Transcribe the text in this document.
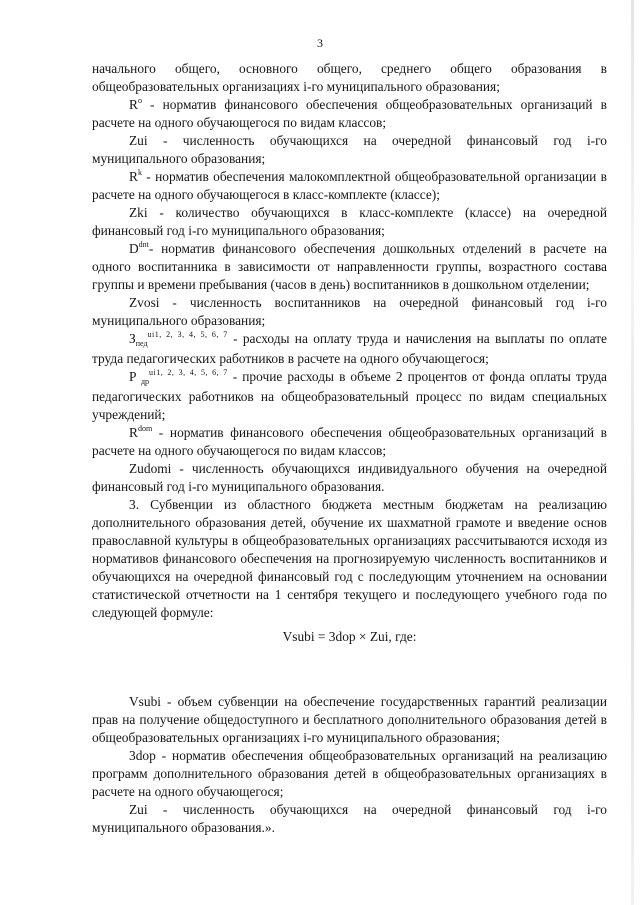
3

начального общего, основного общего, среднего общего образования в общеобразовательных организациях i-го муниципального образования;

$R^o$ - норматив финансового обеспечения общеобразовательных организаций в расчете на одного обучающегося по видам классов;

Zui - численность обучающихся на очередной финансовый год i-го муниципального образования;

$R^k$ - норматив обеспечения малокомплектной общеобразовательной организации в расчете на одного обучающегося в класс-комплекте (классе);

Zki - количество обучающихся в класс-комплекте (классе) на очередной финансовый год i-го муниципального образования;

$D^{dnt}-$ норматив финансового обеспечения дошкольных отделений в расчете на одного воспитанника в зависимости от направленности группы, возрастного состава группы и времени пребывания (часов в день) воспитанников в дошкольном отделении;

Zvosi - численность воспитанников на очередной финансовый год i-го муниципального образования;

$З_{пед}^{ui1, 2, 3, 4, 5, 6, 7}$ - расходы на оплату труда и начисления на выплаты по оплате труда педагогических работников в расчете на одного обучающегося;

P $_{др}^{ui1, 2, 3, 4, 5, 6, 7}$ - прочие расходы в объеме 2 процентов от фонда оплаты труда педагогических работников на общеобразовательный процесс по видам специальных учреждений;

$R^{dom}$ - норматив финансового обеспечения общеобразовательных организаций в расчете на одного обучающегося по видам классов;

Zudomi - численность обучающихся индивидуального обучения на очередной финансовый год i-го муниципального образования.

3. Субвенции из областного бюджета местным бюджетам на реализацию дополнительного образования детей, обучение их шахматной грамоте и введение основ православной культуры в общеобразовательных организациях рассчитываются исходя из нормативов финансового обеспечения на прогнозируемую численность воспитанников и обучающихся на очередной финансовый год с последующим уточнением на основании статистической отчетности на 1 сентября текущего и последующего учебного года по следующей формуле:

Vsubi = 3dop × Zui, где:

Vsubi - объем субвенции на обеспечение государственных гарантий реализации прав на получение общедоступного и бесплатного дополнительного образования детей в общеобразовательных организациях i-го муниципального образования;

3dop - норматив обеспечения общеобразовательных организаций на реализацию программ дополнительного образования детей в общеобразовательных организациях в расчете на одного обучающегося;

Zui - численность обучающихся на очередной финансовый год i-го муниципального образования.».
